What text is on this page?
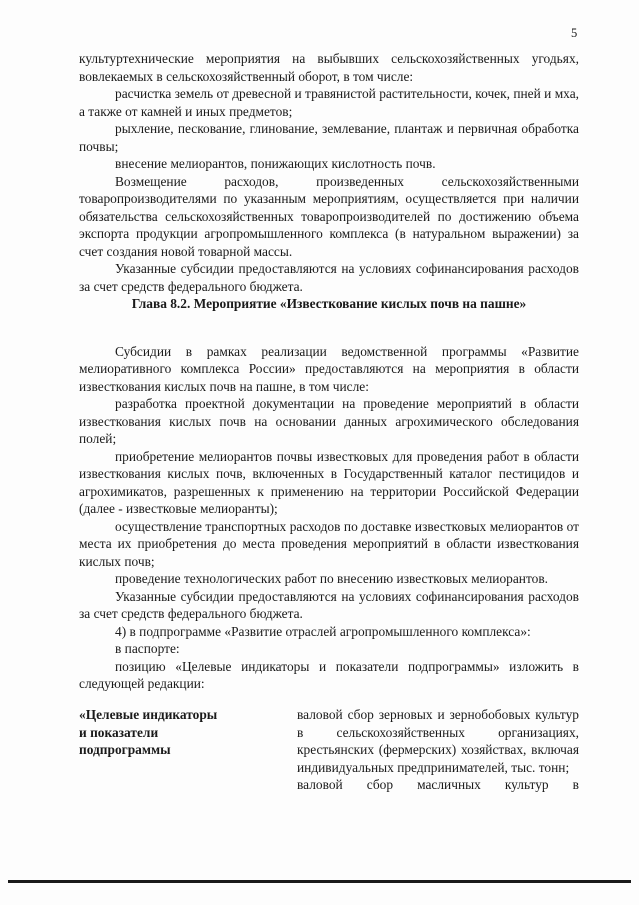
5

культуртехнические мероприятия на выбывших сельскохозяйственных угодьях, вовлекаемых в сельскохозяйственный оборот, в том числе:

расчистка земель от древесной и травянистой растительности, кочек, пней и мха, а также от камней и иных предметов;

рыхление, пескование, глинование, землевание, плантаж и первичная обработка почвы;

внесение мелиорантов, понижающих кислотность почв.

Возмещение расходов, произведенных сельскохозяйственными товаропроизводителями по указанным мероприятиям, осуществляется при наличии обязательства сельскохозяйственных товаропроизводителей по достижению объема экспорта продукции агропромышленного комплекса (в натуральном выражении) за счет создания новой товарной массы.

Указанные субсидии предоставляются на условиях софинансирования расходов за счет средств федерального бюджета.

Глава 8.2. Мероприятие «Известкование кислых почв на пашне»

Субсидии в рамках реализации ведомственной программы «Развитие мелиоративного комплекса России» предоставляются на мероприятия в области известкования кислых почв на пашне, в том числе:

разработка проектной документации на проведение мероприятий в области известкования кислых почв на основании данных агрохимического обследования полей;

приобретение мелиорантов почвы известковых для проведения работ в области известкования кислых почв, включенных в Государственный каталог пестицидов и агрохимикатов, разрешенных к применению на территории Российской Федерации (далее - известковые мелиоранты);

осуществление транспортных расходов по доставке известковых мелиорантов от места их приобретения до места проведения мероприятий в области известкования кислых почв;

проведение технологических работ по внесению известковых мелиорантов.

Указанные субсидии предоставляются на условиях софинансирования расходов за счет средств федерального бюджета.

4) в подпрограмме «Развитие отраслей агропромышленного комплекса»:

в паспорте:

позицию «Целевые индикаторы и показатели подпрограммы» изложить в следующей редакции:

«Целевые индикаторы
и показатели
подпрограммы
валовой сбор зерновых и зернобобовых культур в сельскохозяйственных организациях, крестьянских (фермерских) хозяйствах, включая индивидуальных предпринимателей, тыс. тонн;
валовой сбор масличных культур в
